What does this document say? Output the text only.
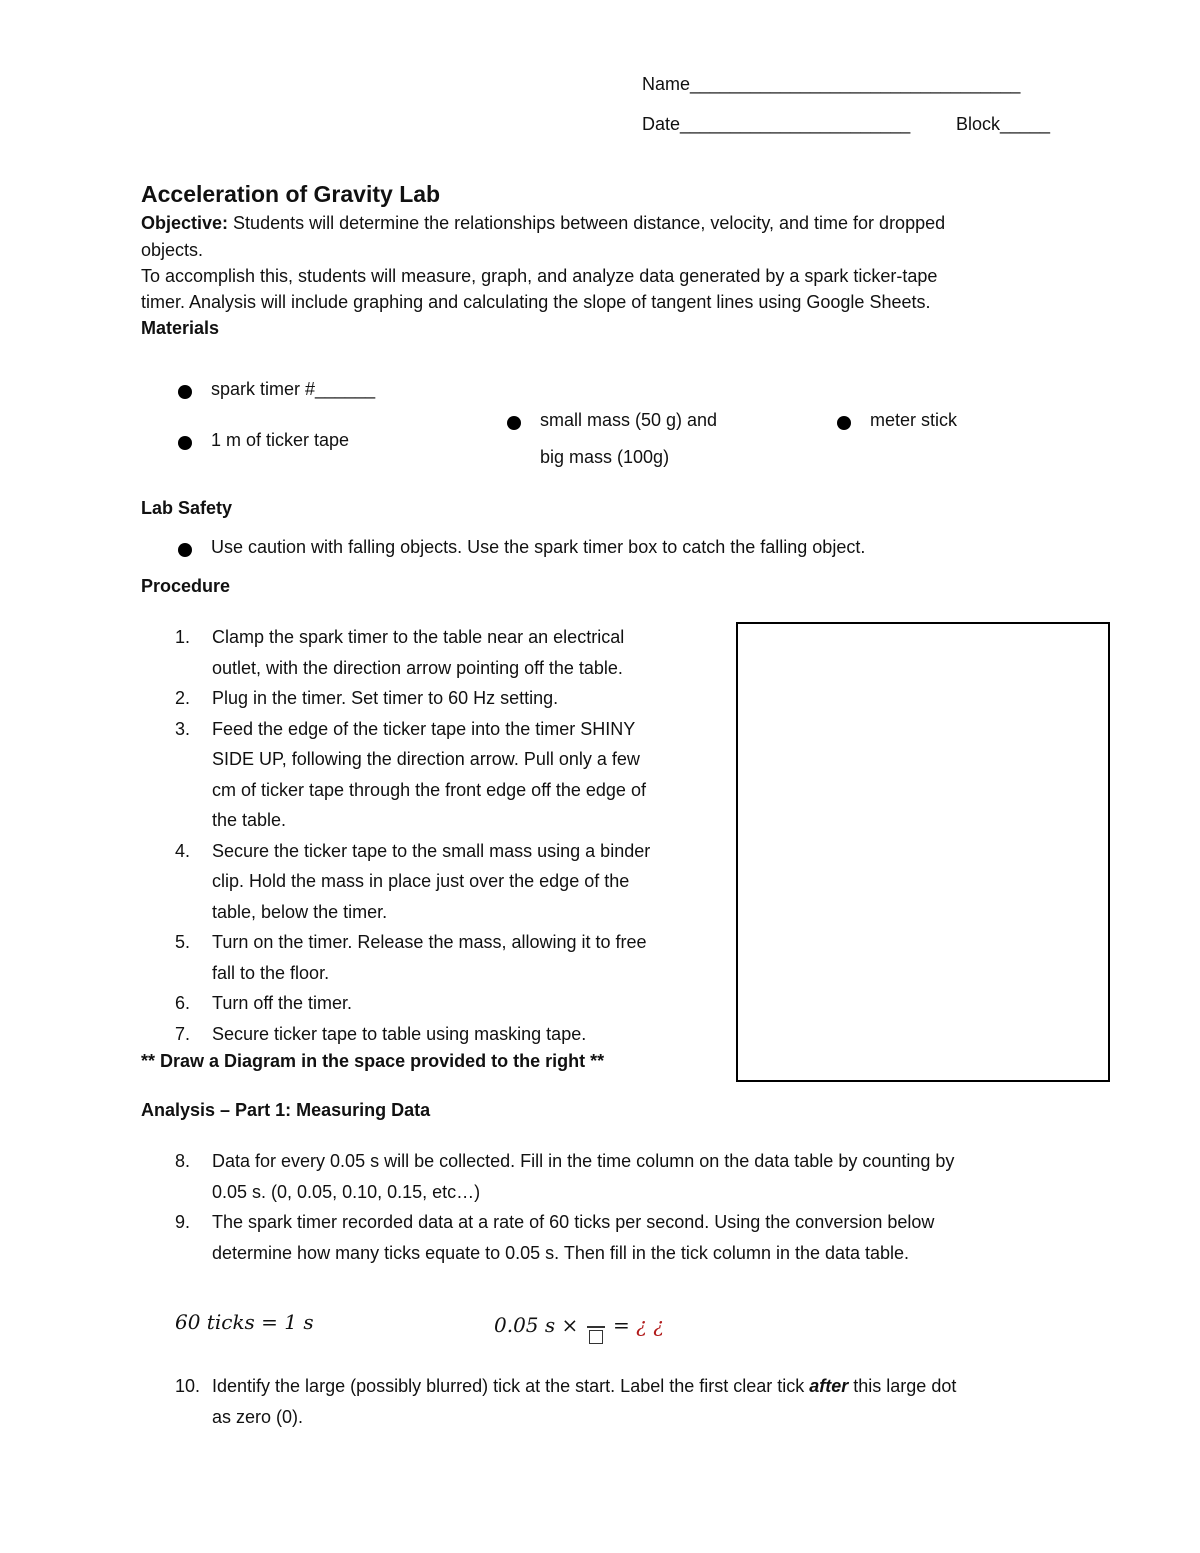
Name_________________________________
Date_______________________	Block_____
Acceleration of Gravity Lab
Objective: Students will determine the relationships between distance, velocity, and time for dropped
objects.
To accomplish this, students will measure, graph, and analyze data generated by a spark ticker-tape
timer. Analysis will include graphing and calculating the slope of tangent lines using Google Sheets.
Materials
spark timer #______
1 m of ticker tape
small mass (50 g) and
big mass (100g)
meter stick
Lab Safety
Use caution with falling objects. Use the spark timer box to catch the falling object.
Procedure
1.	Clamp the spark timer to the table near an electrical
outlet, with the direction arrow pointing off the table.
2.	Plug in the timer. Set timer to 60 Hz setting.
3.	Feed the edge of the ticker tape into the timer SHINY
SIDE UP, following the direction arrow. Pull only a few
cm of ticker tape through the front edge off the edge of
the table.
4.	Secure the ticker tape to the small mass using a binder
clip. Hold the mass in place just over the edge of the
table, below the timer.
5.	Turn on the timer. Release the mass, allowing it to free
fall to the floor.
6.	Turn off the timer.
7.	Secure ticker tape to table using masking tape.
** Draw a Diagram in the space provided to the right **
Analysis – Part 1: Measuring Data
8.	Data for every 0.05 s will be collected. Fill in the time column on the data table by counting by
0.05 s. (0, 0.05, 0.10, 0.15, etc…)
9.	The spark timer recorded data at a rate of 60 ticks per second. Using the conversion below
determine how many ticks equate to 0.05 s. Then fill in the tick column in the data table.
60 ticks = 1 s	0.05 s × = ¿ ¿
10. Identify the large (possibly blurred) tick at the start. Label the first clear tick after this large dot
as zero (0).
